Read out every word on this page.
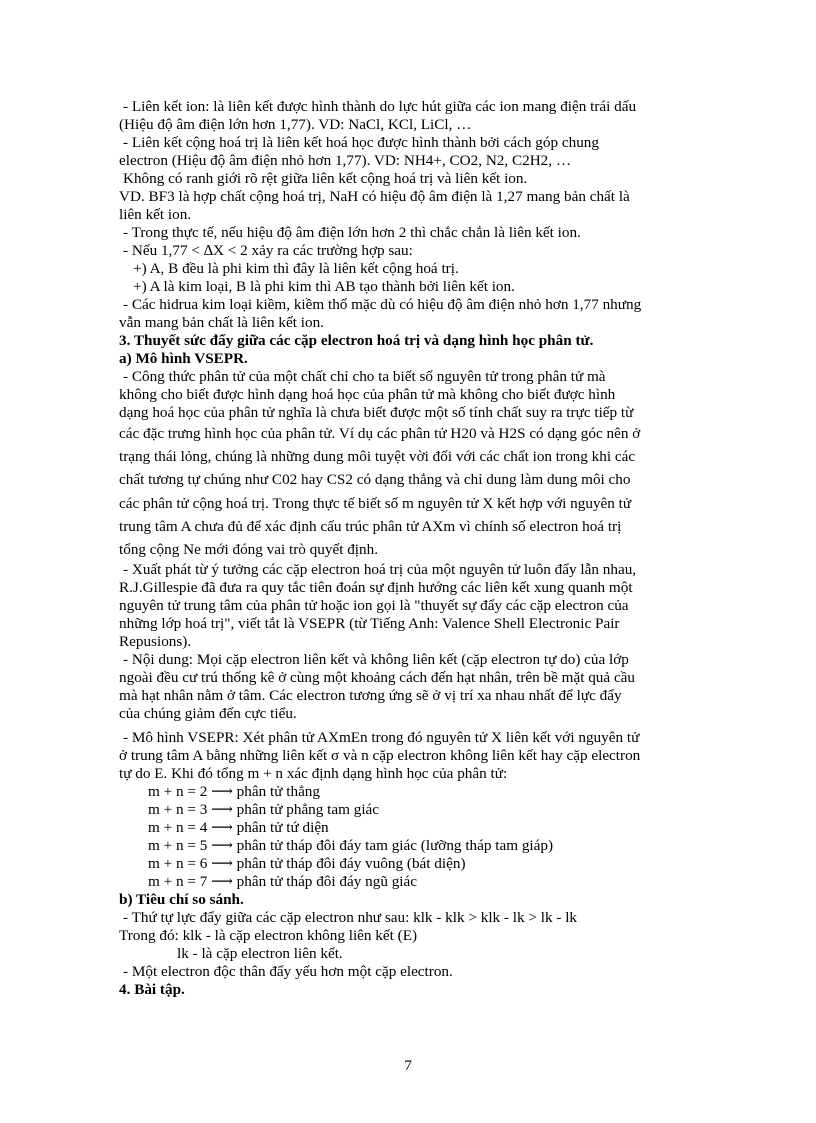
- Liên kết ion: là liên kết được hình thành do lực hút giữa các ion mang điện trái dấu
(Hiệu độ âm điện lớn hơn 1,77). VD: NaCl, KCl, LiCl, …
- Liên kết cộng hoá trị là liên kết hoá học được hình thành bởi cách góp chung
electron (Hiệu độ âm điện nhỏ hơn 1,77). VD: NH4+, CO2, N2, C2H2, …
Không có ranh giới rõ rệt giữa liên kết cộng hoá trị và liên kết ion.
VD. BF3 là hợp chất cộng hoá trị, NaH có hiệu độ âm điện là 1,27 mang bản chất là
liên kết ion.
- Trong thực tế, nếu hiệu độ âm điện lớn hơn 2 thì chắc chắn là liên kết ion.
- Nếu 1,77 < ∆X < 2 xảy ra các trường hợp sau:
+) A, B đều là phi kim thì đây là liên kết cộng hoá trị.
+) A là kim loại, B là phi kim thì AB tạo thành bởi liên kết ion.
- Các hidrua kim loại kiềm, kiềm thổ mặc dù có hiệu độ âm điện nhỏ hơn 1,77 nhưng
vẫn mang bản chất là liên kết ion.
3. Thuyết sức đẩy giữa các cặp electron hoá trị và dạng hình học phân tử.
a) Mô hình VSEPR.
- Công thức phân tử của một chất chỉ cho ta biết số nguyên tử trong phân tử mà
không cho biết được hình dạng hoá học của phân tử mà không cho biết được hình
dạng hoá học của phân tử nghĩa là chưa biết được một số tính chất suy ra trực tiếp từ
các đặc trưng hình học của phân tử. Ví dụ các phân tử H20 và H2S có dạng góc nên ở
trạng thái lỏng, chúng là những dung môi tuyệt vời đối với các chất ion trong khi các
chất tương tự chúng như C02 hay CS2 có dạng thẳng và chỉ dung làm dung môi cho
các phân tử cộng hoá trị. Trong thực tế biết số m nguyên tử X kết hợp với nguyên tử
trung tâm A chưa đủ để xác định cấu trúc phân tử AXm vì chính số electron hoá trị
tổng cộng Ne mới đóng vai trò quyết định.
- Xuất phát từ ý tưởng các cặp electron hoá trị của một nguyên tử luôn đẩy lẫn nhau,
R.J.Gillespie đã đưa ra quy tắc tiên đoán sự định hướng các liên kết xung quanh một
nguyên tử trung tâm của phân tử hoặc ion gọi là "thuyết sự đẩy các cặp electron của
những lớp hoá trị", viết tắt là VSEPR (từ Tiếng Anh: Valence Shell Electronic Pair
Repusions).
- Nội dung: Mọi cặp electron liên kết và không liên kết (cặp electron tự do) của lớp
ngoài đều cư trú thống kê ở cùng một khoảng cách đến hạt nhân, trên bề mặt quả cầu
mà hạt nhân nằm ở tâm. Các electron tương ứng sẽ ở vị trí xa nhau nhất để lực đẩy
của chúng giảm đến cực tiểu.
- Mô hình VSEPR: Xét phân tử AXmEn trong đó nguyên tử X liên kết với nguyên tử
ở trung tâm A bằng những liên kết σ và n cặp electron không liên kết hay cặp electron
tự do E. Khi đó tổng m + n xác định dạng hình học của phân tử:
m + n = 2 ⟶ phân tử thẳng
m + n = 3 ⟶ phân tử phẳng tam giác
m + n = 4 ⟶ phân tử tứ diện
m + n = 5 ⟶ phân tử tháp đôi đáy tam giác (lưỡng tháp tam giáp)
m + n = 6 ⟶ phân tử tháp đôi đáy vuông (bát diện)
m + n = 7 ⟶ phân tử tháp đôi đáy ngũ giác
b) Tiêu chí so sánh.
- Thứ tự lực đẩy giữa các cặp electron như sau: klk - klk > klk - lk > lk - lk
Trong đó: klk - là cặp electron không liên kết (E)
lk - là cặp electron liên kết.
- Một electron độc thân đẩy yếu hơn một cặp electron.
4. Bài tập.
7
